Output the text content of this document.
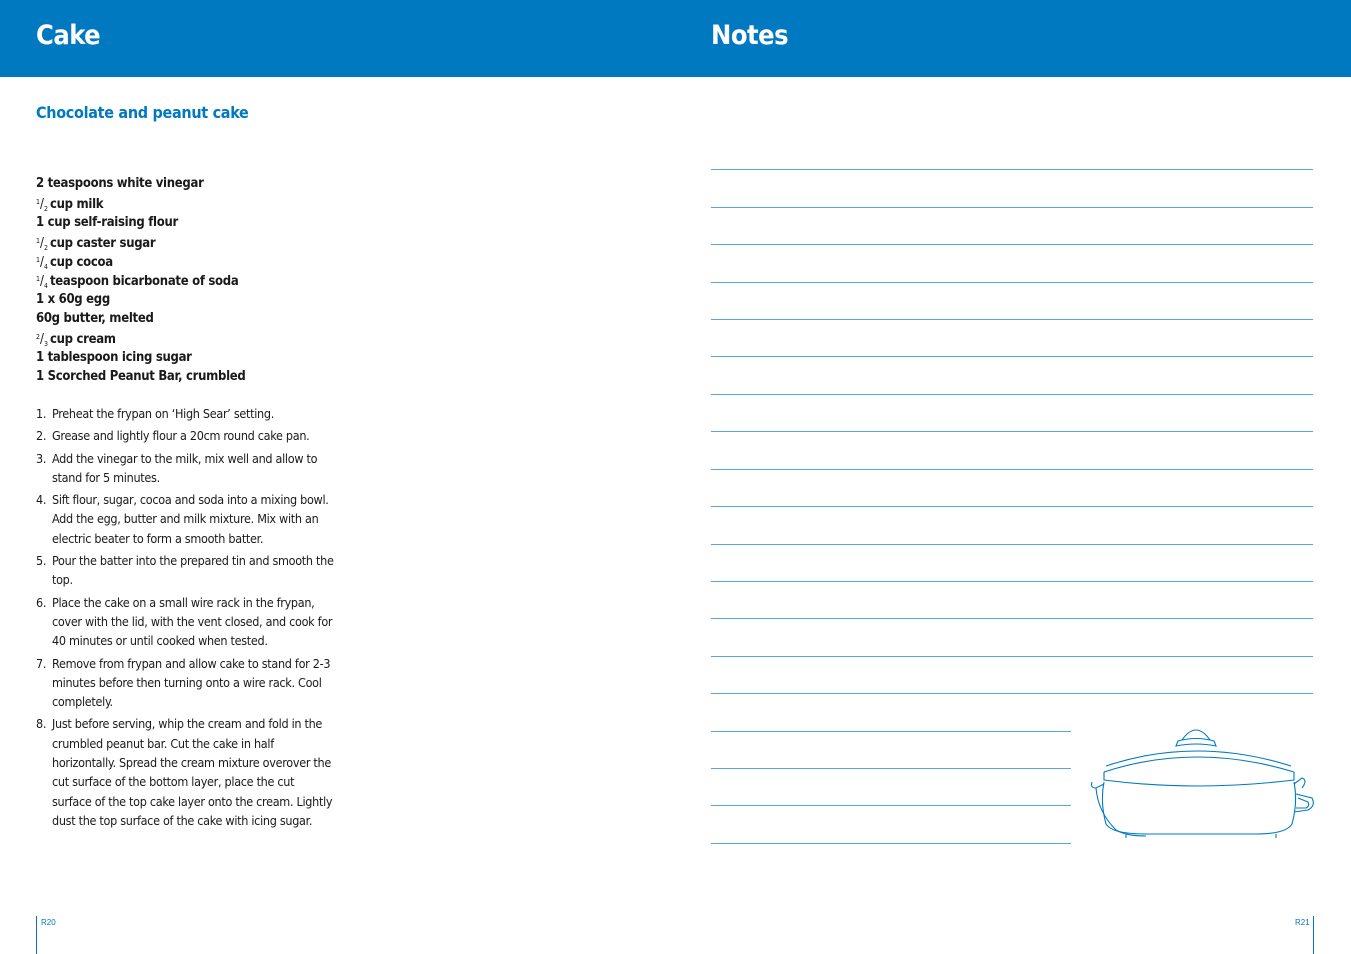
Cake	Notes
Chocolate and peanut cake
2 teaspoons white vinegar
$^1/_2$ cup milk
1 cup self-raising flour
$^1/_2$ cup caster sugar
$^1/_4$ cup cocoa
$^1/_4$ teaspoon bicarbonate of soda
1 x 60g egg
60g butter, melted
$^2/_3$ cup cream
1 tablespoon icing sugar
1 Scorched Peanut Bar, crumbled
1. Preheat the frypan on ‘High Sear’ setting.
2. Grease and lightly flour a 20cm round cake pan.
3. Add the vinegar to the milk, mix well and allow to stand for 5 minutes.
4. Sift flour, sugar, cocoa and soda into a mixing bowl. Add the egg, butter and milk mixture. Mix with an electric beater to form a smooth batter.
5. Pour the batter into the prepared tin and smooth the top.
6. Place the cake on a small wire rack in the frypan, cover with the lid, with the vent closed, and cook for 40 minutes or until cooked when tested.
7. Remove from frypan and allow cake to stand for 2-3 minutes before then turning onto a wire rack. Cool completely.
8. Just before serving, whip the cream and fold in the crumbled peanut bar. Cut the cake in half horizontally. Spread the cream mixture overover the cut surface of the bottom layer, place the cut surface of the top cake layer onto the cream. Lightly dust the top surface of the cake with icing sugar.
R20	R21
